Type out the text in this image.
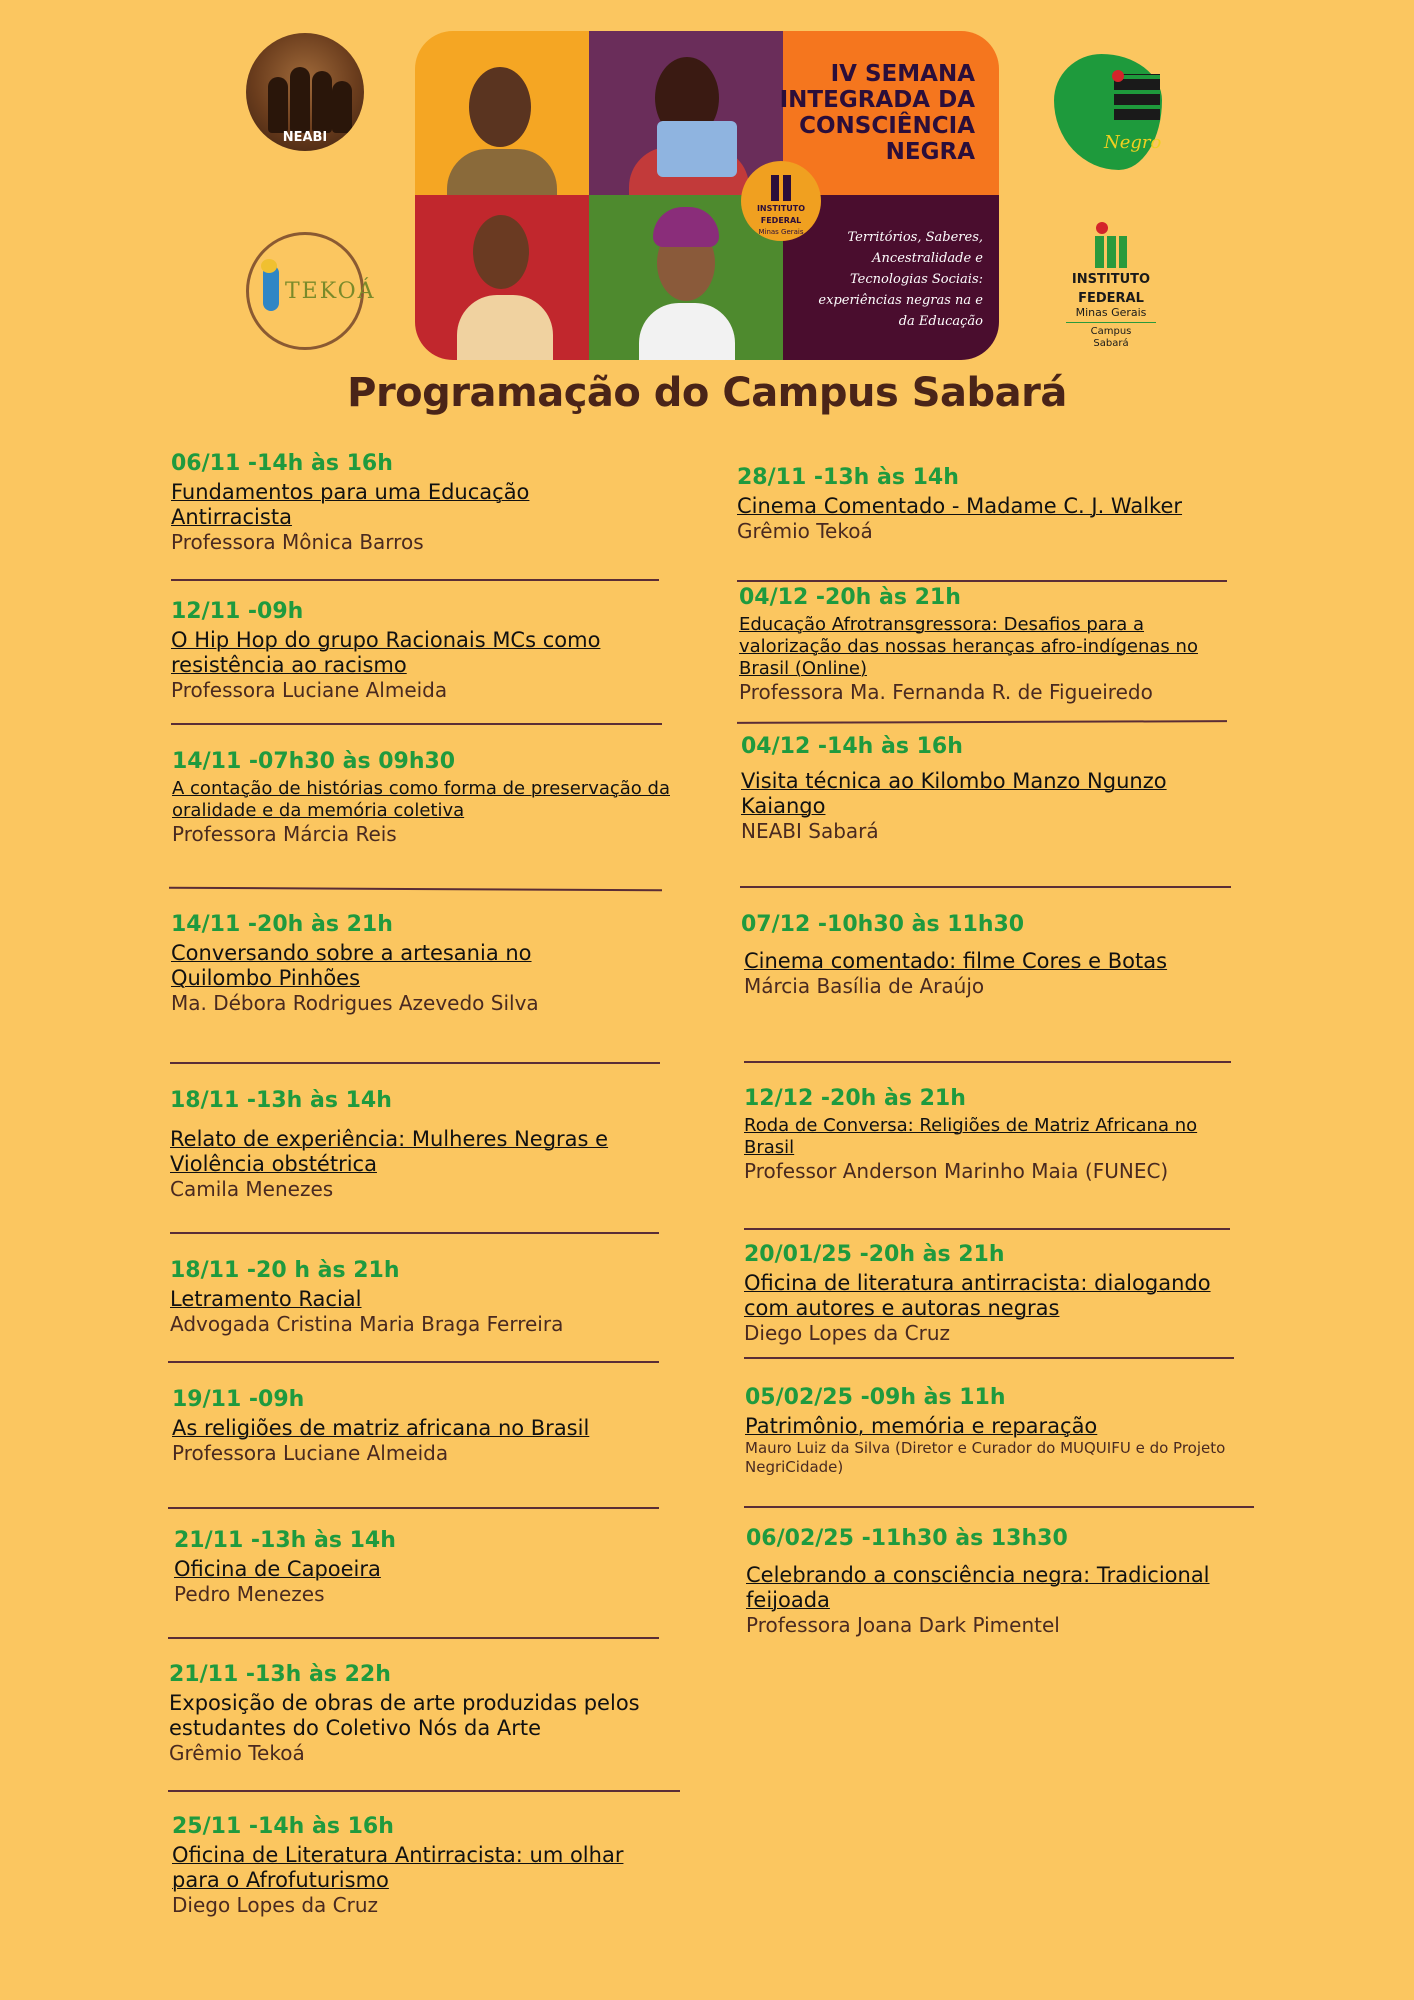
NEABI
TEKOÁ
IV SEMANA
INTEGRADA DA
CONSCIÊNCIA
NEGRA
Territórios, Saberes,
Ancestralidade e
Tecnologias Sociais:
experiências negras na e
da Educação
INSTITUTO
FEDERAL
Minas Gerais
Negro
INSTITUTO
FEDERAL
Minas Gerais
Campus
Sabará
Programação do Campus Sabará
06/11 -14h às 16h
Fundamentos para uma Educação Antirracista
Professora Mônica Barros
12/11 -09h
O Hip Hop do grupo Racionais MCs como resistência ao racismo
Professora Luciane Almeida
14/11 -07h30 às 09h30
A contação de histórias como forma de preservação da oralidade e da memória coletiva
Professora Márcia Reis
14/11 -20h às 21h
Conversando sobre a artesania no Quilombo Pinhões
Ma. Débora Rodrigues Azevedo Silva
18/11 -13h às 14h
Relato de experiência: Mulheres Negras e Violência obstétrica
Camila Menezes
18/11 -20 h às 21h
Letramento Racial
Advogada Cristina Maria Braga Ferreira
19/11 -09h
As religiões de matriz africana no Brasil
Professora Luciane Almeida
21/11 -13h às 14h
Oficina de Capoeira
Pedro Menezes
21/11 -13h às 22h
Exposição de obras de arte produzidas pelos estudantes do Coletivo Nós da Arte
Grêmio Tekoá
25/11 -14h às 16h
Oficina de Literatura Antirracista: um olhar para o Afrofuturismo
Diego Lopes da Cruz
28/11 -13h às 14h
Cinema Comentado - Madame C. J. Walker
Grêmio Tekoá
04/12 -20h às 21h
Educação Afrotransgressora: Desafios para a valorização das nossas heranças afro-indígenas no Brasil (Online)
Professora Ma. Fernanda R. de Figueiredo
04/12 -14h às 16h
Visita técnica ao Kilombo Manzo Ngunzo Kaiango
NEABI Sabará
07/12 -10h30 às 11h30
Cinema comentado: filme Cores e Botas
Márcia Basília de Araújo
12/12 -20h às 21h
Roda de Conversa: Religiões de Matriz Africana no Brasil
Professor Anderson Marinho Maia (FUNEC)
20/01/25 -20h às 21h
Oficina de literatura antirracista: dialogando com autores e autoras negras
Diego Lopes da Cruz
05/02/25 -09h às 11h
Patrimônio, memória e reparação
Mauro Luiz da Silva (Diretor e Curador do MUQUIFU e do Projeto NegriCidade)
06/02/25 -11h30 às 13h30
Celebrando a consciência negra: Tradicional feijoada
Professora Joana Dark Pimentel
